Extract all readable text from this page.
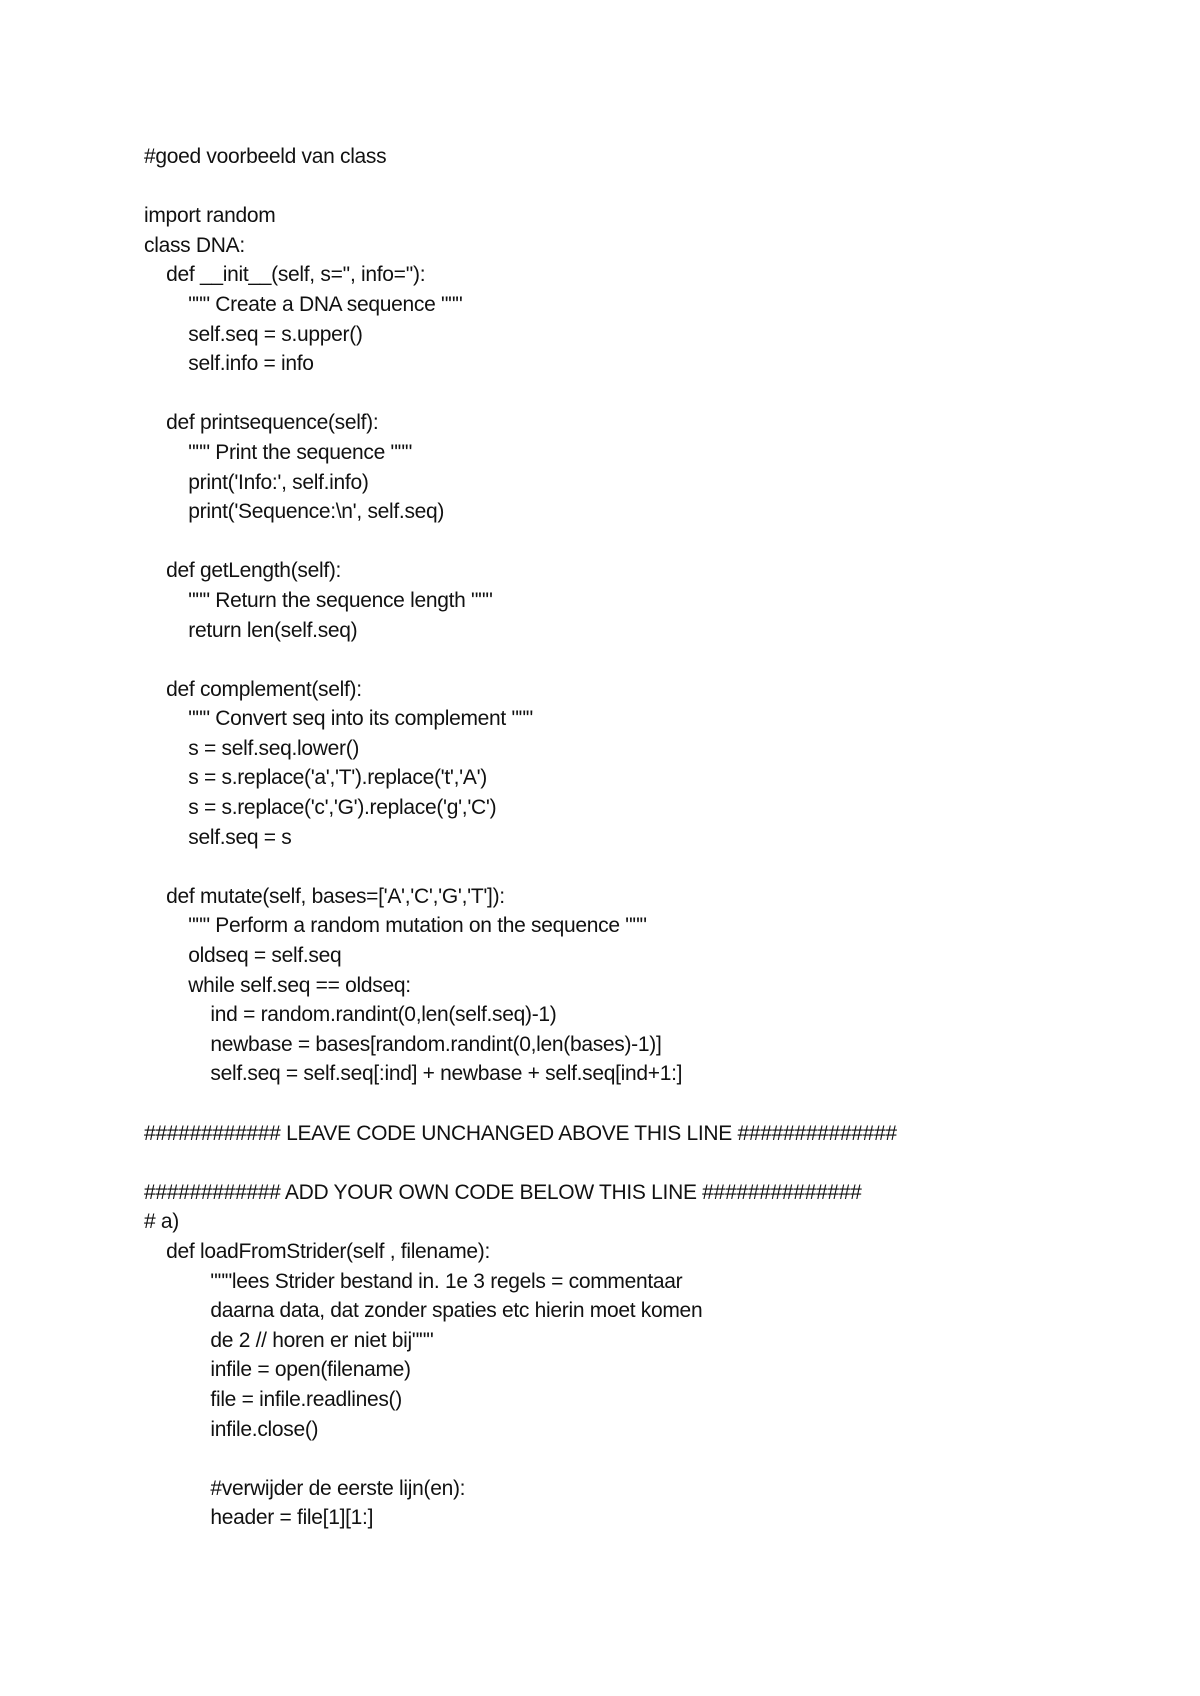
#goed voorbeeld van class
import random
class DNA:
def __init__(self, s='', info=''):
""" Create a DNA sequence """
self.seq = s.upper()
self.info = info
def printsequence(self):
""" Print the sequence """
print('Info:', self.info)
print('Sequence:\n', self.seq)
def getLength(self):
""" Return the sequence length """
return len(self.seq)
def complement(self):
""" Convert seq into its complement """
s = self.seq.lower()
s = s.replace('a','T').replace('t','A')
s = s.replace('c','G').replace('g','C')
self.seq = s
def mutate(self, bases=['A','C','G','T']):
""" Perform a random mutation on the sequence """
oldseq = self.seq
while self.seq == oldseq:
ind = random.randint(0,len(self.seq)-1)
newbase = bases[random.randint(0,len(bases)-1)]
self.seq = self.seq[:ind] + newbase + self.seq[ind+1:]
############ LEAVE CODE UNCHANGED ABOVE THIS LINE ##############
############ ADD YOUR OWN CODE BELOW THIS LINE ##############
# a)
def loadFromStrider(self , filename):
"""lees Strider bestand in. 1e 3 regels = commentaar
daarna data, dat zonder spaties etc hierin moet komen
de 2 // horen er niet bij"""
infile = open(filename)
file = infile.readlines()
infile.close()
#verwijder de eerste lijn(en):
header = file[1][1:]
